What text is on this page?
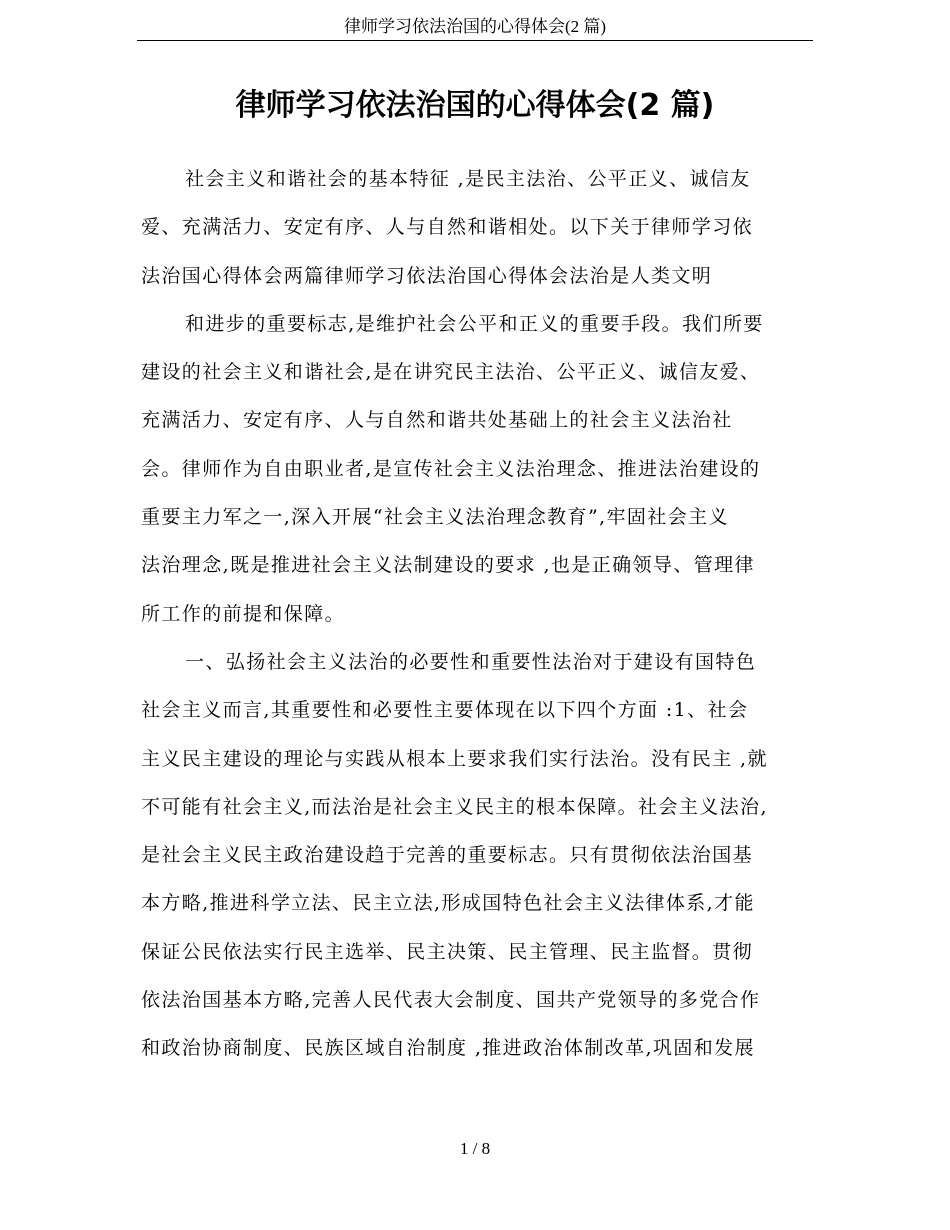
律师学习依法治国的心得体会(2 篇)
律师学习依法治国的心得体会(2 篇)
社会主义和谐社会的基本特征 ,是民主法治、公平正义、诚信友
爱、充满活力、安定有序、人与自然和谐相处。以下关于律师学习依
法治国心得体会两篇律师学习依法治国心得体会法治是人类文明
和进步的重要标志,是维护社会公平和正义的重要手段。我们所要
建设的社会主义和谐社会,是在讲究民主法治、公平正义、诚信友爱、
充满活力、安定有序、人与自然和谐共处基础上的社会主义法治社
会。律师作为自由职业者,是宣传社会主义法治理念、推进法治建设的
重要主力军之一,深入开展“社会主义法治理念教育”,牢固社会主义
法治理念,既是推进社会主义法制建设的要求 ,也是正确领导、管理律
所工作的前提和保障。
一、弘扬社会主义法治的必要性和重要性法治对于建设有国特色
社会主义而言,其重要性和必要性主要体现在以下四个方面 :1、社会
主义民主建设的理论与实践从根本上要求我们实行法治。没有民主 ,就
不可能有社会主义,而法治是社会主义民主的根本保障。社会主义法治,
是社会主义民主政治建设趋于完善的重要标志。只有贯彻依法治国基
本方略,推进科学立法、民主立法,形成国特色社会主义法律体系,才能
保证公民依法实行民主选举、民主决策、民主管理、民主监督。贯彻
依法治国基本方略,完善人民代表大会制度、国共产党领导的多党合作
和政治协商制度、民族区域自治制度 ,推进政治体制改革,巩固和发展
1 / 8
